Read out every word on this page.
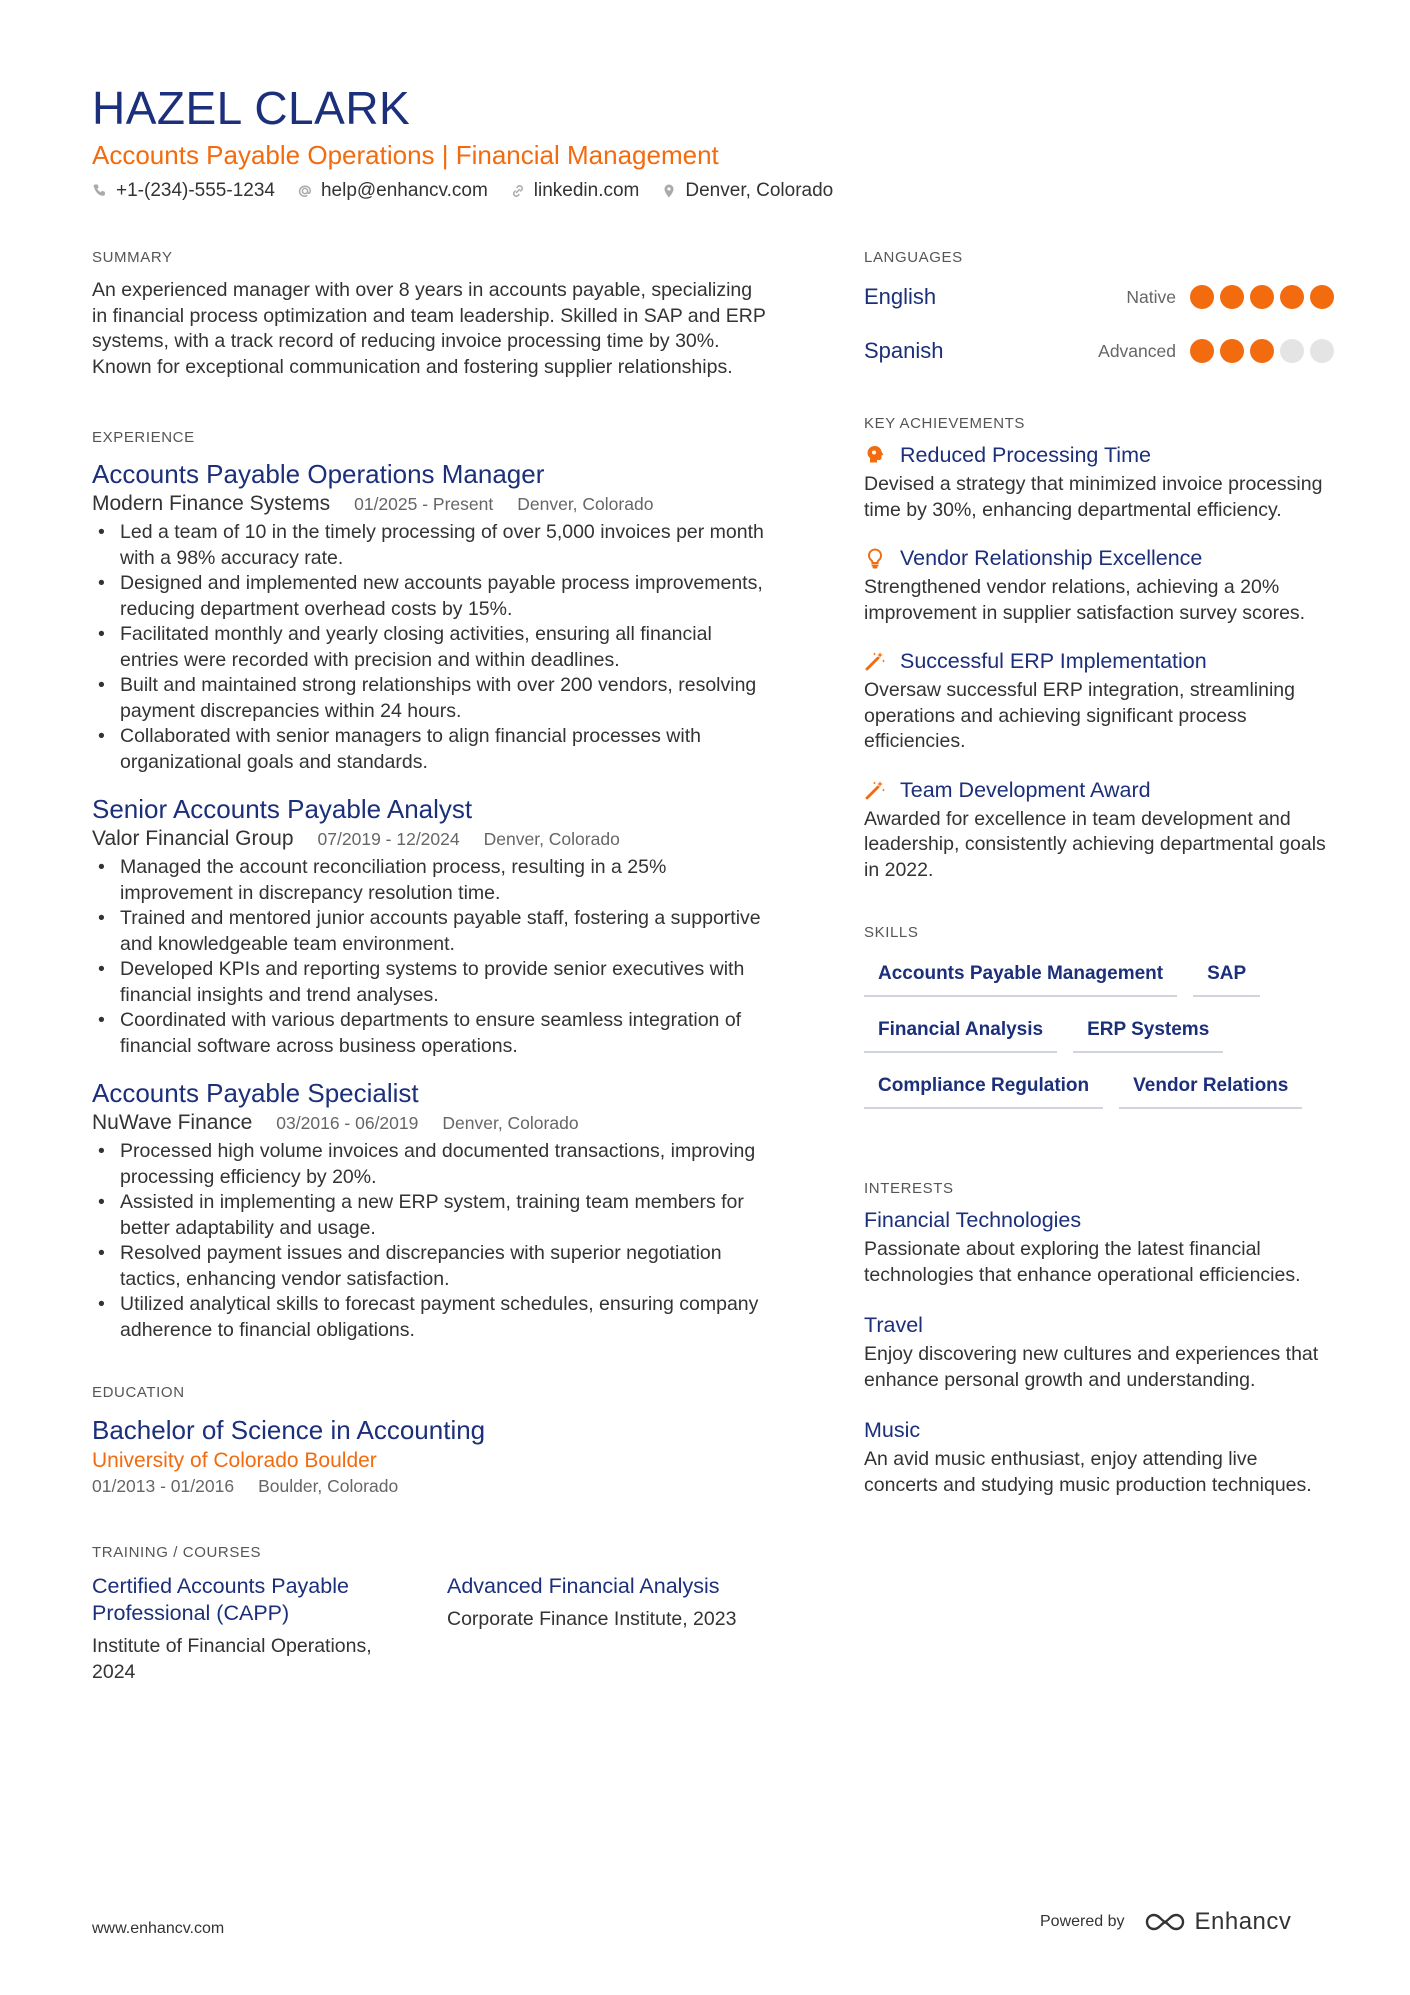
HAZEL CLARK
Accounts Payable Operations | Financial Management
+1-(234)-555-1234 help@enhancv.com linkedin.com Denver, Colorado
SUMMARY
An experienced manager with over 8 years in accounts payable, specializing in financial process optimization and team leadership. Skilled in SAP and ERP systems, with a track record of reducing invoice processing time by 30%. Known for exceptional communication and fostering supplier relationships.
EXPERIENCE
Accounts Payable Operations Manager
Modern Finance Systems 01/2025 - Present Denver, Colorado
• Led a team of 10 in the timely processing of over 5,000 invoices per month with a 98% accuracy rate.
• Designed and implemented new accounts payable process improvements, reducing department overhead costs by 15%.
• Facilitated monthly and yearly closing activities, ensuring all financial entries were recorded with precision and within deadlines.
• Built and maintained strong relationships with over 200 vendors, resolving payment discrepancies within 24 hours.
• Collaborated with senior managers to align financial processes with organizational goals and standards.
Senior Accounts Payable Analyst
Valor Financial Group 07/2019 - 12/2024 Denver, Colorado
• Managed the account reconciliation process, resulting in a 25% improvement in discrepancy resolution time.
• Trained and mentored junior accounts payable staff, fostering a supportive and knowledgeable team environment.
• Developed KPIs and reporting systems to provide senior executives with financial insights and trend analyses.
• Coordinated with various departments to ensure seamless integration of financial software across business operations.
Accounts Payable Specialist
NuWave Finance 03/2016 - 06/2019 Denver, Colorado
• Processed high volume invoices and documented transactions, improving processing efficiency by 20%.
• Assisted in implementing a new ERP system, training team members for better adaptability and usage.
• Resolved payment issues and discrepancies with superior negotiation tactics, enhancing vendor satisfaction.
• Utilized analytical skills to forecast payment schedules, ensuring company adherence to financial obligations.
EDUCATION
Bachelor of Science in Accounting
University of Colorado Boulder
01/2013 - 01/2016 Boulder, Colorado
TRAINING / COURSES
Certified Accounts Payable Professional (CAPP)
Institute of Financial Operations, 2024
Advanced Financial Analysis
Corporate Finance Institute, 2023
LANGUAGES
English	Native
Spanish	Advanced
KEY ACHIEVEMENTS
Reduced Processing Time
Devised a strategy that minimized invoice processing time by 30%, enhancing departmental efficiency.
Vendor Relationship Excellence
Strengthened vendor relations, achieving a 20% improvement in supplier satisfaction survey scores.
Successful ERP Implementation
Oversaw successful ERP integration, streamlining operations and achieving significant process efficiencies.
Team Development Award
Awarded for excellence in team development and leadership, consistently achieving departmental goals in 2022.
SKILLS
Accounts Payable Management	SAP
Financial Analysis	ERP Systems
Compliance Regulation	Vendor Relations
INTERESTS
Financial Technologies
Passionate about exploring the latest financial technologies that enhance operational efficiencies.
Travel
Enjoy discovering new cultures and experiences that enhance personal growth and understanding.
Music
An avid music enthusiast, enjoy attending live concerts and studying music production techniques.
www.enhancv.com	Powered by	Enhancv
